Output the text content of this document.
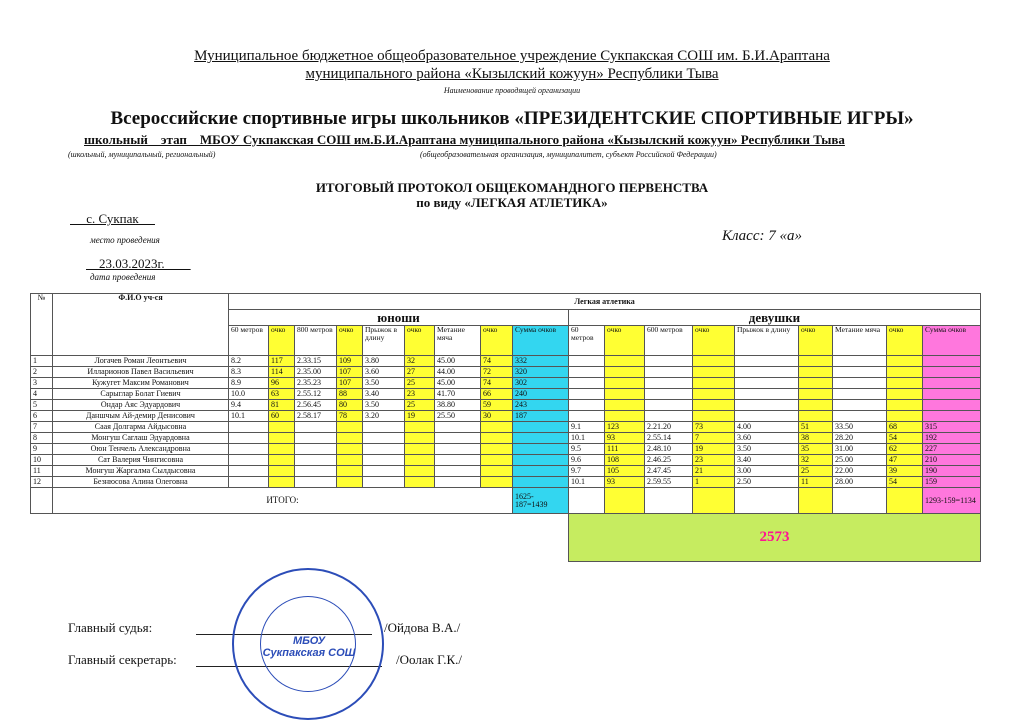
Муниципальное бюджетное общеобразовательное учреждение Сукпакская СОШ им. Б.И.Араптана
муниципального района «Кызылский кожуун» Республики Тыва
Наименование проводящей организации
Всероссийские спортивные игры школьников «ПРЕЗИДЕНТСКИЕ СПОРТИВНЫЕ ИГРЫ»
школьный    этап    МБОУ Сукпакская СОШ им.Б.И.Араптана муниципального района «Кызылский кожуун» Республики Тыва
(школьный, муниципальный, региональный)	(общеобразовательная организация, муниципалитет, субъект Российской Федерации)
ИТОГОВЫЙ ПРОТОКОЛ ОБЩЕКОМАНДНОГО ПЕРВЕНСТВА
по виду «ЛЕГКАЯ АТЛЕТИКА»
с. Сукпак
место проведения	Класс: 7 «а»
23.03.2023г.
дата проведения
№	Ф.И.О уч-ся	Легкая атлетика																	
		юноши									девушки								
		60 метров	очко	800 метров	очко	Прыжок в длину	очко	Метание мяча	очко	Сумма очков	60 метров	очко	600 метров	очко	Прыжок в длину	очко	Метание мяча	очко	Сумма очков
1	Логачев Роман Леонтьевич	8.2	117	2.33.15	109	3.80	32	45.00	74	332									
2	Илларионов Павел Васильевич	8.3	114	2.35.00	107	3.60	27	44.00	72	320									
3	Кужугет Максим Романович	8.9	96	2.35.23	107	3.50	25	45.00	74	302									
4	Сарыглар Болат Гиевич	10.0	63	2.55.12	88	3.40	23	41.70	66	240									
5	Ондар Аяс Эдуардович	9.4	81	2.56.45	80	3.50	25	38.80	59	243									
6	Даншчым Ай-демир Денисович	10.1	60	2.58.17	78	3.20	19	25.50	30	187									
7	Саая Долгарма Айдысовна										9.1	123	2.21.20	73	4.00	51	33.50	68	315
8	Монгуш Саглаш Эдуардовна										10.1	93	2.55.14	7	3.60	38	28.20	54	192
9	Оюн Тенчель Александровна										9.5	111	2.48.10	19	3.50	35	31.00	62	227
10	Сат Валерия Чингисовна										9.6	108	2.46.25	23	3.40	32	25.00	47	210
11	Монгуш Жаргалма Сылдысовна										9.7	105	2.47.45	21	3.00	25	22.00	39	190
12	Безнюсова Алина Олеговна										10.1	93	2.59.55	1	2.50	11	28.00	54	159
	ИТОГО:									1625-187=1439									1293-159=1134
											2573								
Главный судья:	/Ойдова В.А./
Главный секретарь:	/Оолак Г.К./
МБОУ Сукпакская СОШ
